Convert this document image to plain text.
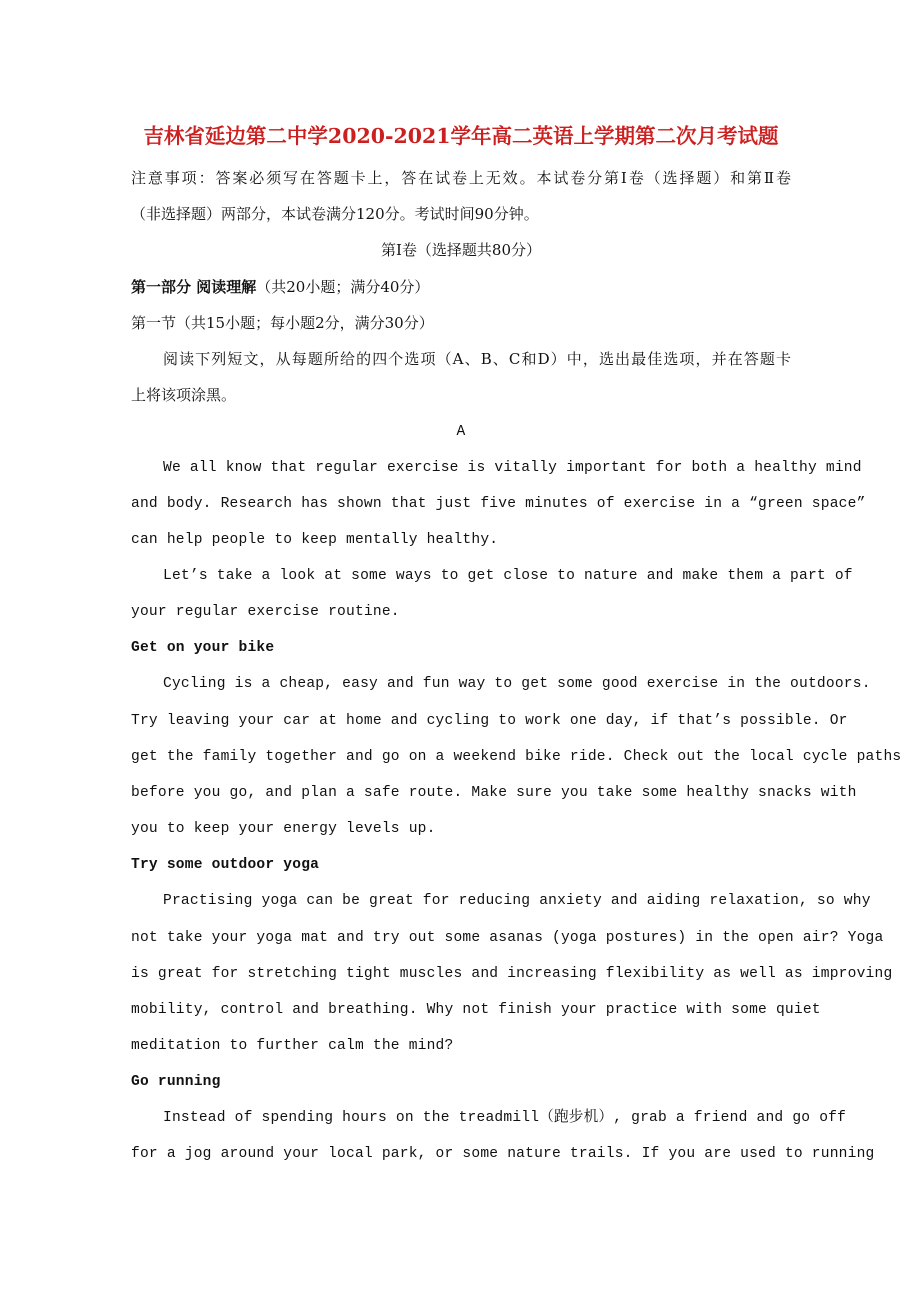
吉林省延边第二中学2020-2021学年高二英语上学期第二次月考试题
注意事项：答案必须写在答题卡上，答在试卷上无效。本试卷分第Ⅰ卷（选择题）和第Ⅱ卷
（非选择题）两部分，本试卷满分120分。考试时间90分钟。
第Ⅰ卷（选择题共80分）
第一部分 阅读理解（共20小题；满分40分）
第一节（共15小题；每小题2分，满分30分）
阅读下列短文，从每题所给的四个选项（A、B、C和D）中，选出最佳选项，并在答题卡
上将该项涂黑。
A
We all know that regular exercise is vitally important for both a healthy mind
and body. Research has shown that just five minutes of exercise in a “green space”
can help people to keep mentally healthy.
Let’s take a look at some ways to get close to nature and make them a part of
your regular exercise routine.
Get on your bike
Cycling is a cheap, easy and fun way to get some good exercise in the outdoors.
Try leaving your car at home and cycling to work one day, if that’s possible. Or
get the family together and go on a weekend bike ride. Check out the local cycle paths
before you go, and plan a safe route. Make sure you take some healthy snacks with
you to keep your energy levels up.
Try some outdoor yoga
Practising yoga can be great for reducing anxiety and aiding relaxation, so why
not take your yoga mat and try out some asanas (yoga postures) in the open air? Yoga
is great for stretching tight muscles and increasing flexibility as well as improving
mobility, control and breathing. Why not finish your practice with some quiet
meditation to further calm the mind?
Go running
Instead of spending hours on the treadmill（跑步机）, grab a friend and go off
for a jog around your local park, or some nature trails. If you are used to running
